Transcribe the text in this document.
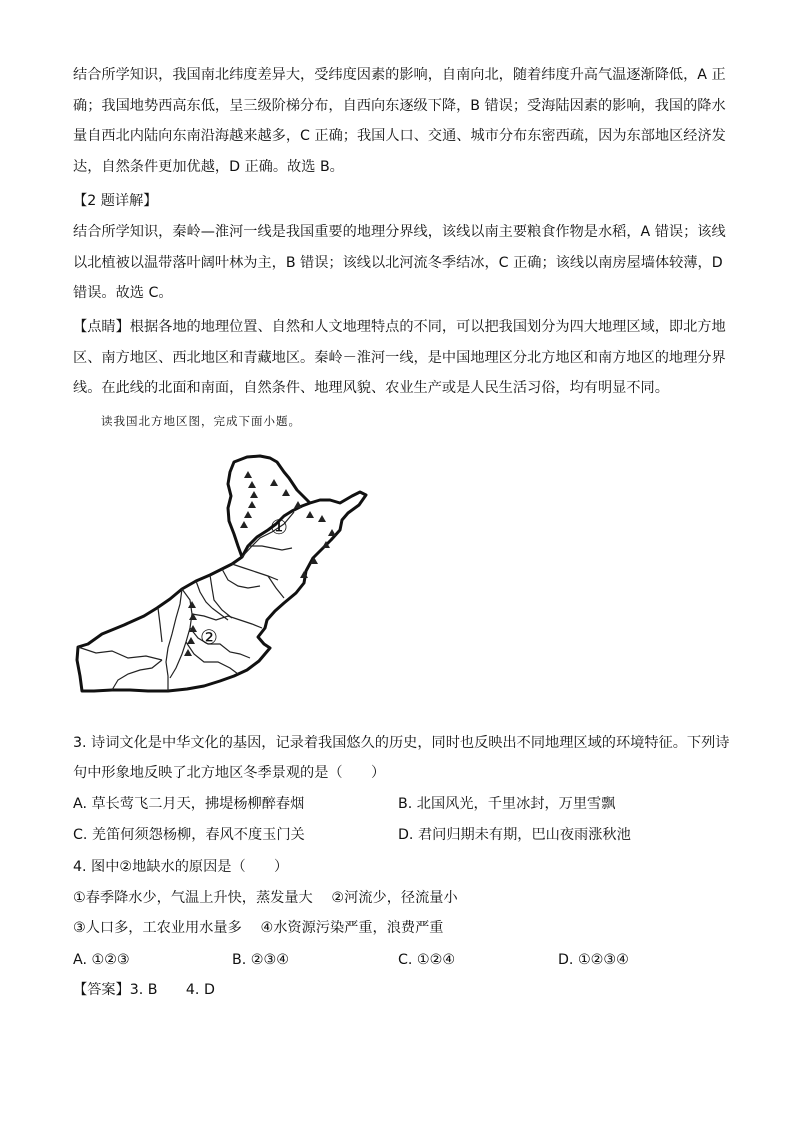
结合所学知识，我国南北纬度差异大，受纬度因素的影响，自南向北，随着纬度升高气温逐渐降低，A 正
确；我国地势西高东低，呈三级阶梯分布，自西向东逐级下降，B 错误；受海陆因素的影响，我国的降水
量自西北内陆向东南沿海越来越多，C 正确；我国人口、交通、城市分布东密西疏，因为东部地区经济发
达，自然条件更加优越，D 正确。故选 B。
【2 题详解】
结合所学知识，秦岭—淮河一线是我国重要的地理分界线，该线以南主要粮食作物是水稻，A 错误；该线
以北植被以温带落叶阔叶林为主，B 错误；该线以北河流冬季结冰，C 正确；该线以南房屋墙体较薄，D
错误。故选 C。
【点睛】根据各地的地理位置、自然和人文地理特点的不同，可以把我国划分为四大地理区域，即北方地
区、南方地区、西北地区和青藏地区。秦岭－淮河一线，是中国地理区分北方地区和南方地区的地理分界
线。在此线的北面和南面，自然条件、地理风貌、农业生产或是人民生活习俗，均有明显不同。
读我国北方地区图，完成下面小题。
①
②
3. 诗词文化是中华文化的基因，记录着我国悠久的历史，同时也反映出不同地理区域的环境特征。下列诗
句中形象地反映了北方地区冬季景观的是（　　）
A. 草长莺飞二月天，拂堤杨柳醉春烟	B. 北国风光，千里冰封，万里雪飘
C. 羌笛何须怨杨柳，春风不度玉门关	D. 君问归期未有期，巴山夜雨涨秋池
4. 图中②地缺水的原因是（　　）
①春季降水少，气温上升快，蒸发量大　 ②河流少，径流量小
③人口多，工农业用水量多　 ④水资源污染严重，浪费严重
A. ①②③	B. ②③④	C. ①②④	D. ①②③④
【答案】3. B　　4. D
